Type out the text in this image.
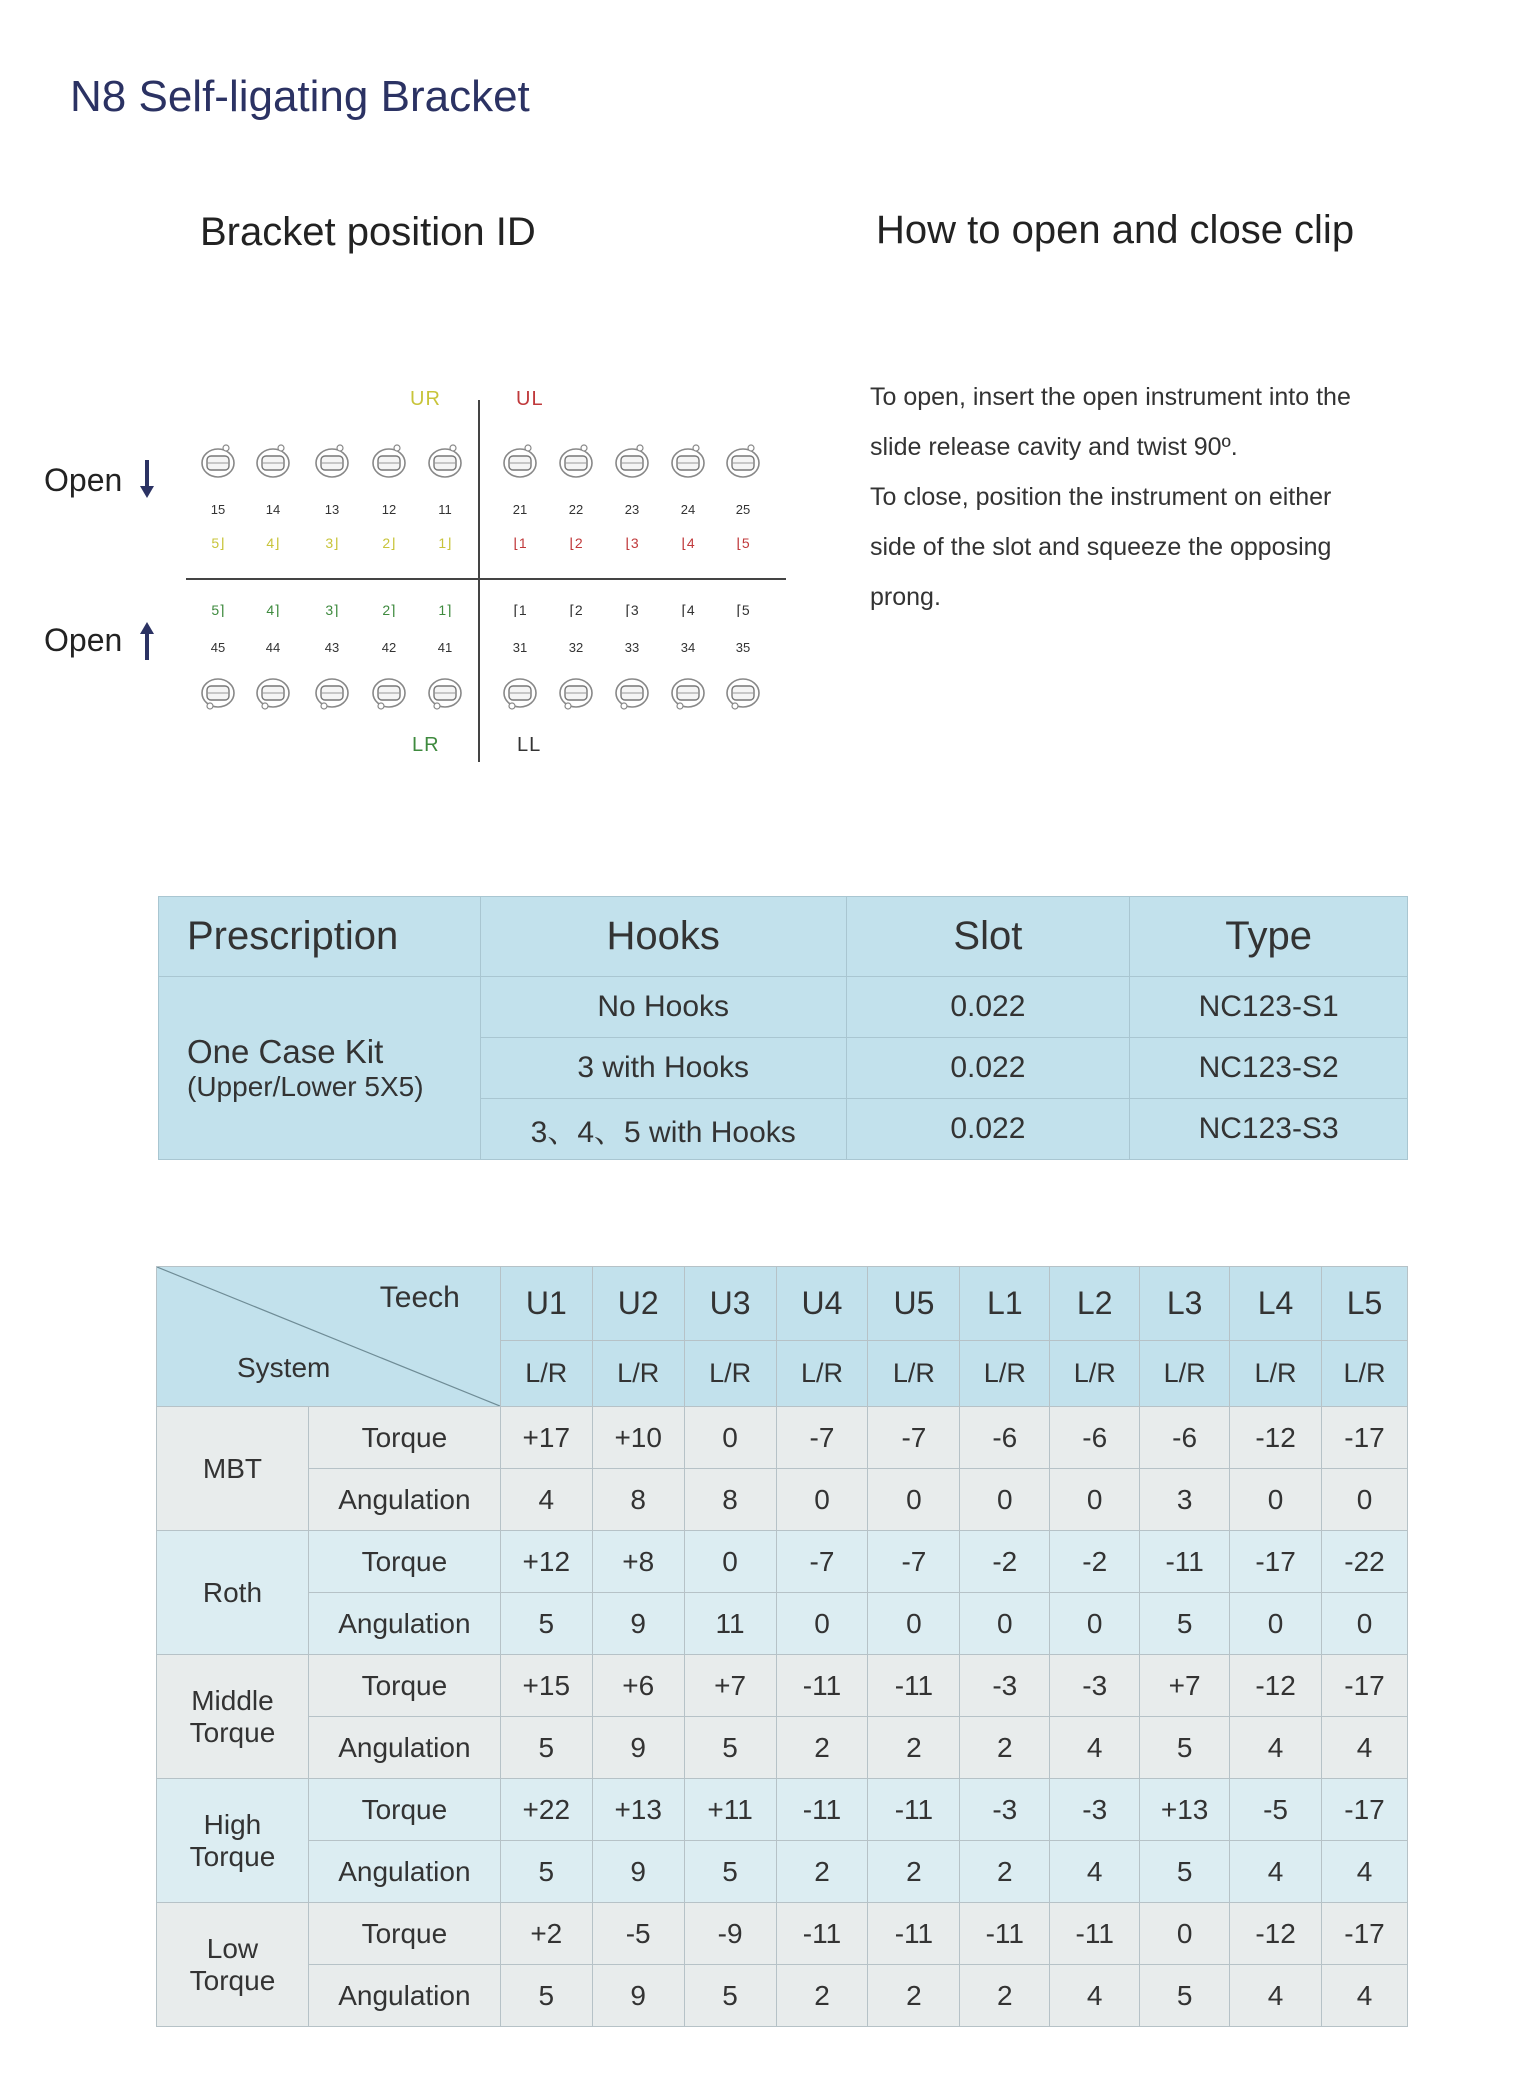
N8 Self-ligating Bracket
Bracket position ID	How to open and close clip
Open
Open
UR	UL
LR	LL
15
5⌋
5⌉
45
14
4⌋
4⌉
44
13
3⌋
3⌉
43
12
2⌋
2⌉
42
11
1⌋
1⌉
41
21
⌊1
⌈1
31
22
⌊2
⌈2
32
23
⌊3
⌈3
33
24
⌊4
⌈4
34
25
⌊5
⌈5
35
To open, insert the open instrument into the
slide release cavity and twist 90º.
To close, position the instrument on either
side of the slot and squeeze the opposing
prong.
Prescription	Hooks	Slot	Type

One Case Kit
(Upper/Lower 5X5)	No Hooks	0.022	NC123-S1
	3 with Hooks	0.022	NC123-S2
	3、4、5 with Hooks	0.022	NC123-S3
Teech
System		U1	U2	U3	U4	U5	L1	L2	L3	L4	L5
		L/R	L/R	L/R	L/R	L/R	L/R	L/R	L/R	L/R	L/R
MBT	Torque	+17	+10	0	-7	-7	-6	-6	-6	-12	-17
	Angulation	4	8	8	0	0	0	0	3	0	0
Roth	Torque	+12	+8	0	-7	-7	-2	-2	-11	-17	-22
	Angulation	5	9	11	0	0	0	0	5	0	0
Middle Torque	Torque	+15	+6	+7	-11	-11	-3	-3	+7	-12	-17
	Angulation	5	9	5	2	2	2	4	5	4	4
High Torque	Torque	+22	+13	+11	-11	-11	-3	-3	+13	-5	-17
	Angulation	5	9	5	2	2	2	4	5	4	4
Low Torque	Torque	+2	-5	-9	-11	-11	-11	-11	0	-12	-17
	Angulation	5	9	5	2	2	2	4	5	4	4
